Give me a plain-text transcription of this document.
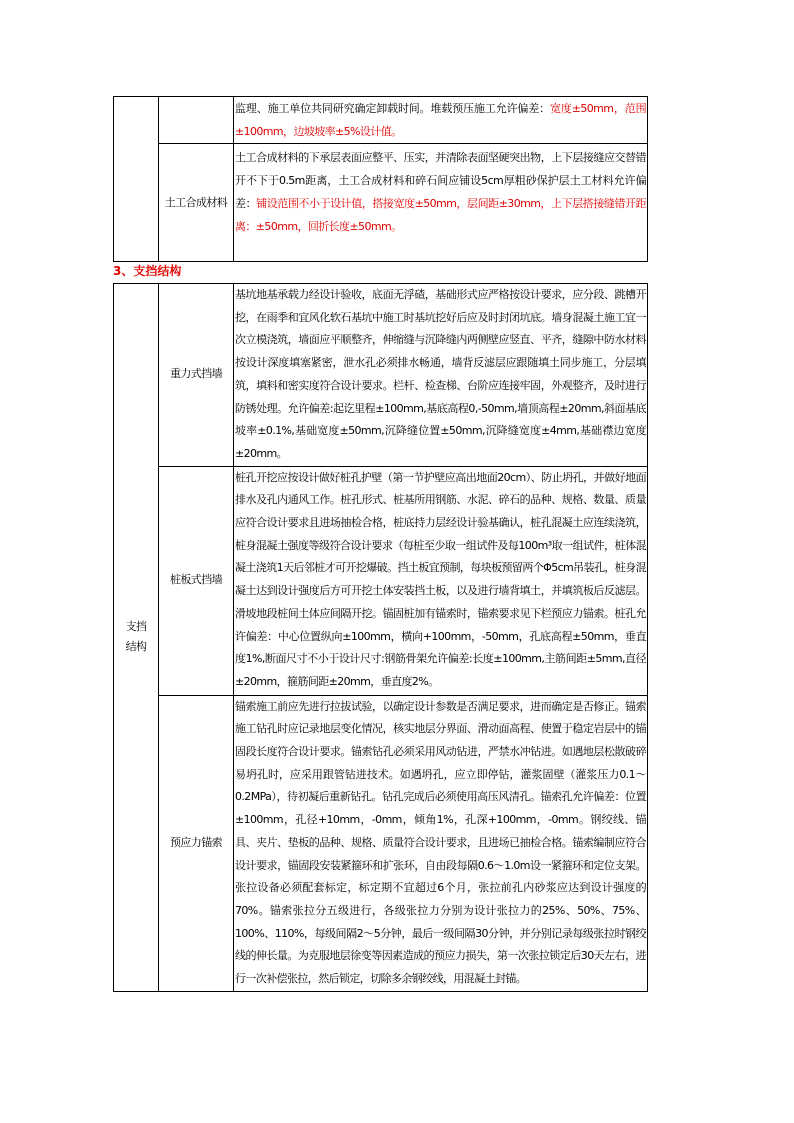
		监理、施工单位共同研究确定卸载时间。堆载预压施工允许偏差：宽度±50mm，范围±100mm，边坡坡率±5%设计值。
	土工合成材料	土工合成材料的下承层表面应整平、压实，并清除表面坚硬突出物，上下层接缝应交替错开不下于0.5m距离，土工合成材料和碎石间应铺设5cm厚粗砂保护层土工材料允许偏差：铺设范围不小于设计值，搭接宽度±50mm，层间距±30mm，上下层搭接缝错开距离：±50mm，回折长度±50mm。
3、支挡结构
支挡结构	重力式挡墙	基坑地基承载力经设计验收，底面无浮碴，基础形式应严格按设计要求，应分段、跳槽开挖，在雨季和宜风化软石基坑中施工时基坑挖好后应及时封闭坑底。墙身混凝土施工宜一次立模浇筑，墙面应平顺整齐，伸缩缝与沉降缝内两侧壁应竖直、平齐，缝隙中防水材料按设计深度填塞紧密，泄水孔必须排水畅通，墙背反滤层应跟随填土同步施工，分层填筑，填料和密实度符合设计要求。栏杆、检查梯、台阶应连接牢固，外观整齐，及时进行防锈处理。允许偏差:起讫里程±100mm,基底高程0,-50mm,墙顶高程±20mm,斜面基底坡率±0.1%,基础宽度±50mm,沉降缝位置±50mm,沉降缝宽度±4mm,基础襟边宽度±20mm。
	桩板式挡墙	桩孔开挖应按设计做好桩孔护壁（第一节护壁应高出地面20cm）、防止坍孔，并做好地面排水及孔内通风工作。桩孔形式、桩基所用钢筋、水泥、碎石的品种、规格、数量、质量应符合设计要求且进场抽检合格，桩底持力层经设计验基确认，桩孔混凝土应连续浇筑，桩身混凝土强度等级符合设计要求（每桩至少取一组试件及每100m³取一组试件，桩体混凝土浇筑1天后邻桩才可开挖爆破。挡土板宜预制，每块板预留两个Φ5cm吊装孔，桩身混凝土达到设计强度后方可开挖土体安装挡土板，以及进行墙背填土，并填筑板后反滤层。滑坡地段桩间土体应间隔开挖。锚固桩加有锚索时，锚索要求见下栏预应力锚索。桩孔允许偏差：中心位置纵向±100mm，横向+100mm，-50mm，孔底高程±50mm，垂直度1%,断面尺寸不小于设计尺寸:钢筋骨架允许偏差:长度±100mm,主筋间距±5mm,直径±20mm，箍筋间距±20mm，垂直度2%。
	预应力锚索	锚索施工前应先进行拉拔试验，以确定设计参数是否满足要求，进而确定是否修正。锚索施工钻孔时应记录地层变化情况，核实地层分界面、滑动面高程、使置于稳定岩层中的锚固段长度符合设计要求。锚索钻孔必须采用风动钻进，严禁水冲钻进。如遇地层松散破碎易坍孔时，应采用跟管钻进技术。如遇坍孔，应立即停钻，灌浆固壁（灌浆压力0.1～0.2MPa），待初凝后重新钻孔。钻孔完成后必须使用高压风清孔。锚索孔允许偏差：位置±100mm，孔径+10mm，-0mm，倾角1%，孔深+100mm，-0mm。钢绞线、锚具、夹片、垫板的品种、规格、质量符合设计要求，且进场已抽检合格。锚索编制应符合设计要求，锚固段安装紧箍环和扩张环，自由段每隔0.6～1.0m设一紧箍环和定位支架。张拉设备必须配套标定，标定期不宜超过6个月，张拉前孔内砂浆应达到设计强度的70%。锚索张拉分五级进行，各级张拉力分别为设计张拉力的25%、50%、75%、100%、110%，每级间隔2～5分钟，最后一级间隔30分钟，并分别记录每级张拉时钢绞线的伸长量。为克服地层徐变等因素造成的预应力损失，第一次张拉锁定后30天左右，进行一次补偿张拉，然后锁定，切除多余钢绞线，用混凝土封锚。
